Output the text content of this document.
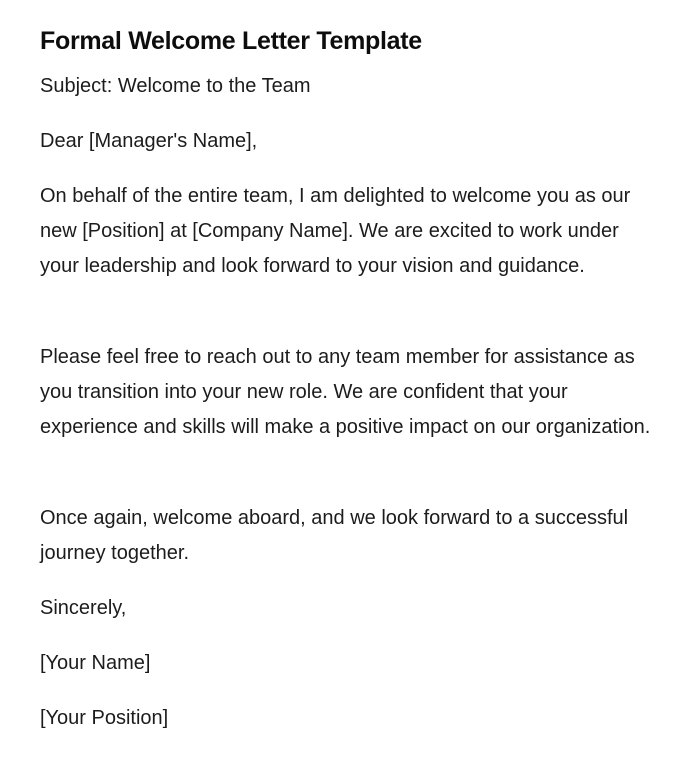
Formal Welcome Letter Template

Subject: Welcome to the Team

Dear [Manager's Name],

On behalf of the entire team, I am delighted to welcome you as our new [Position] at [Company Name]. We are excited to work under your leadership and look forward to your vision and guidance.

Please feel free to reach out to any team member for assistance as you transition into your new role. We are confident that your experience and skills will make a positive impact on our organization.

Once again, welcome aboard, and we look forward to a successful journey together.

Sincerely,

[Your Name]

[Your Position]
